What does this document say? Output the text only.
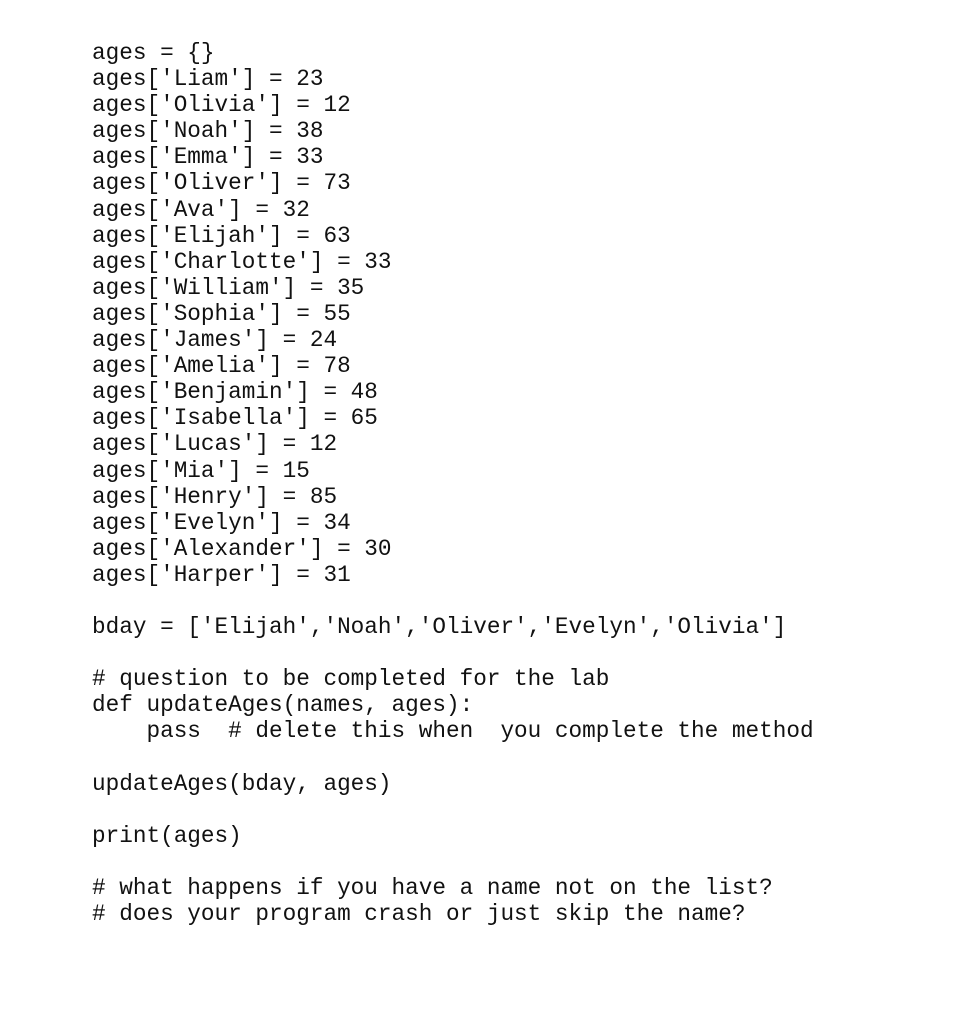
ages = {}
ages['Liam'] = 23
ages['Olivia'] = 12
ages['Noah'] = 38
ages['Emma'] = 33
ages['Oliver'] = 73
ages['Ava'] = 32
ages['Elijah'] = 63
ages['Charlotte'] = 33
ages['William'] = 35
ages['Sophia'] = 55
ages['James'] = 24
ages['Amelia'] = 78
ages['Benjamin'] = 48
ages['Isabella'] = 65
ages['Lucas'] = 12
ages['Mia'] = 15
ages['Henry'] = 85
ages['Evelyn'] = 34
ages['Alexander'] = 30
ages['Harper'] = 31
bday = ['Elijah','Noah','Oliver','Evelyn','Olivia']
# question to be completed for the lab
def updateAges(names, ages):
pass  # delete this when  you complete the method
updateAges(bday, ages)
print(ages)
# what happens if you have a name not on the list?
# does your program crash or just skip the name?
